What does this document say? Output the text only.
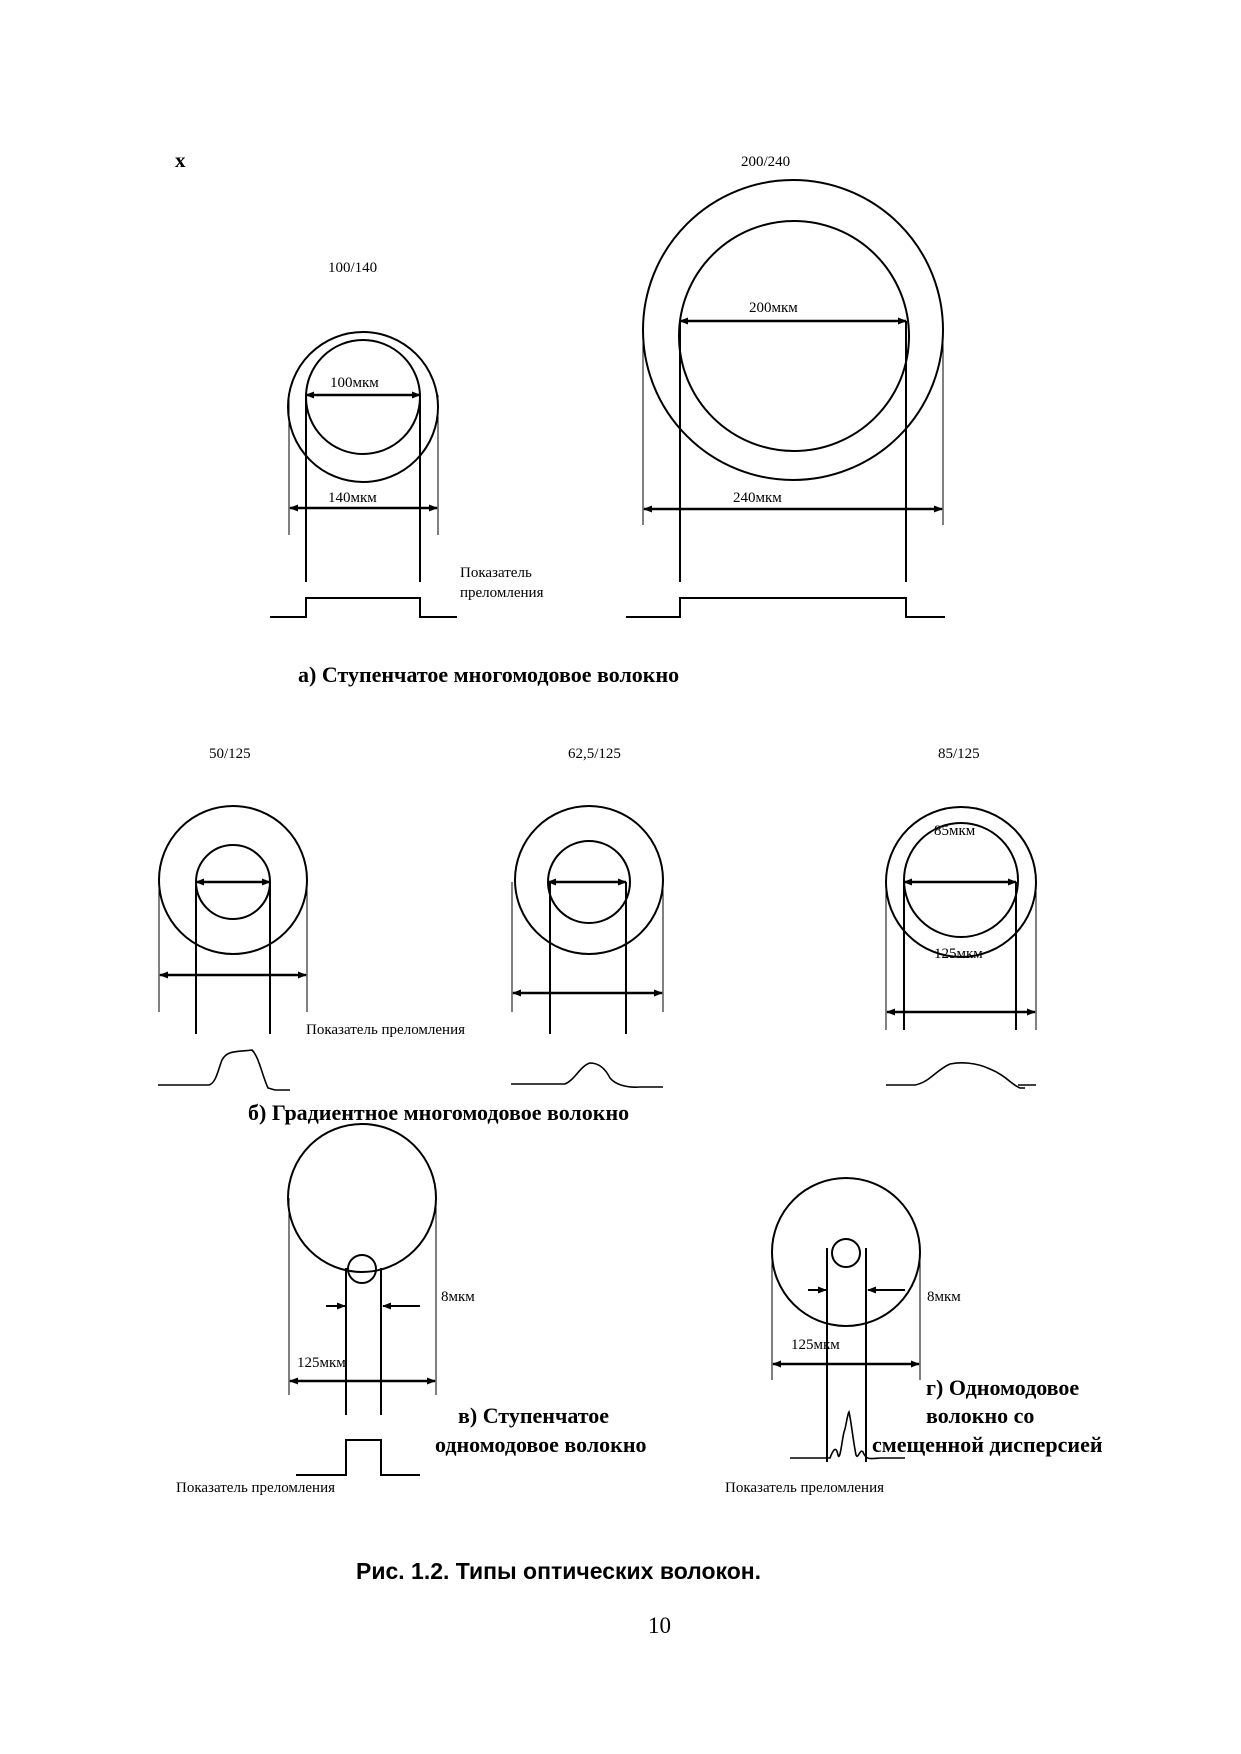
x
100/140
100мкм
140мкм
200/240
200мкм
240мкм
Показатель
преломления
а) Ступенчатое многомодовое волокно
50/125	62,5/125	85/125
85мкм
125мкм
Показатель преломления
б) Градиентное многомодовое волокно
8мкм
125мкм
в) Ступенчатое
одномодовое волокно
Показатель преломления
8мкм
125мкм
г) Одномодовое
волокно со
смещенной дисперсией
Показатель преломления
Рис. 1.2. Типы оптических волокон.
10
